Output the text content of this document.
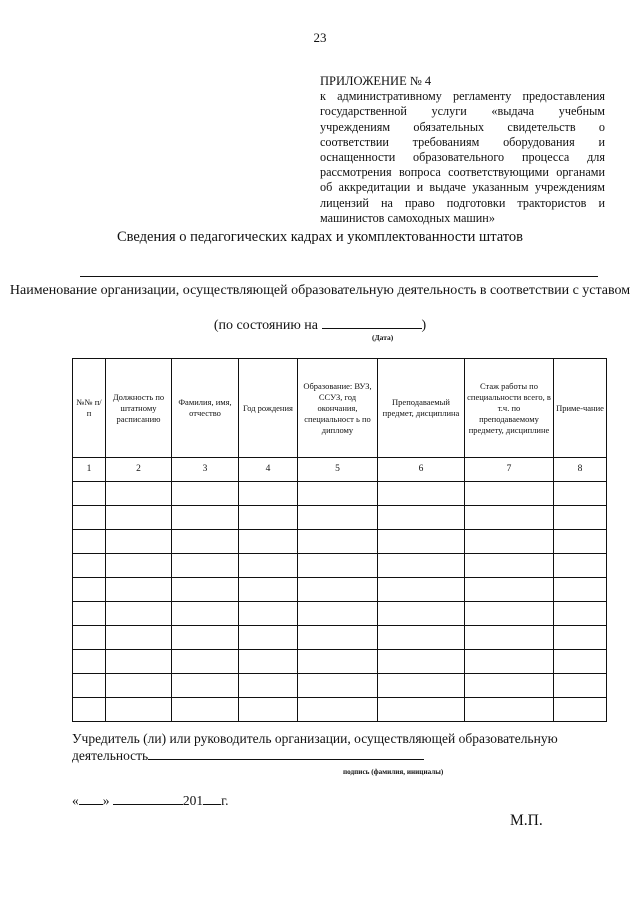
23
ПРИЛОЖЕНИЕ № 4
к административному регламенту предоставления государственной услуги «выдача учебным учреждениям обязательных свидетельств о соответствии требованиям оборудования и оснащенности образовательного процесса для рассмотрения вопроса соответствующими органами об аккредитации и выдаче указанным учреждениям лицензий на право подготовки трактористов и машинистов самоходных машин»
Сведения о педагогических кадрах и укомплектованности штатов
Наименование организации, осуществляющей образовательную деятельность в соответствии с уставом
(по состоянию на	)
(Дата)
№№ п/п	Должность по штатному расписанию	Фамилия, имя, отчество	Год рождения	Образование: ВУЗ, ССУЗ, год окончания, специальност ь по диплому	Преподаваемый предмет, дисциплина	Стаж работы по специальности всего, в т.ч. по преподаваемому предмету, дисциплине	Приме-чание
1	2	3	4	5	6	7	8

Учредитель (ли) или руководитель организации, осуществляющей образовательную деятельность
подпись (фамилия, инициалы)
« »	201 г.
М.П.
